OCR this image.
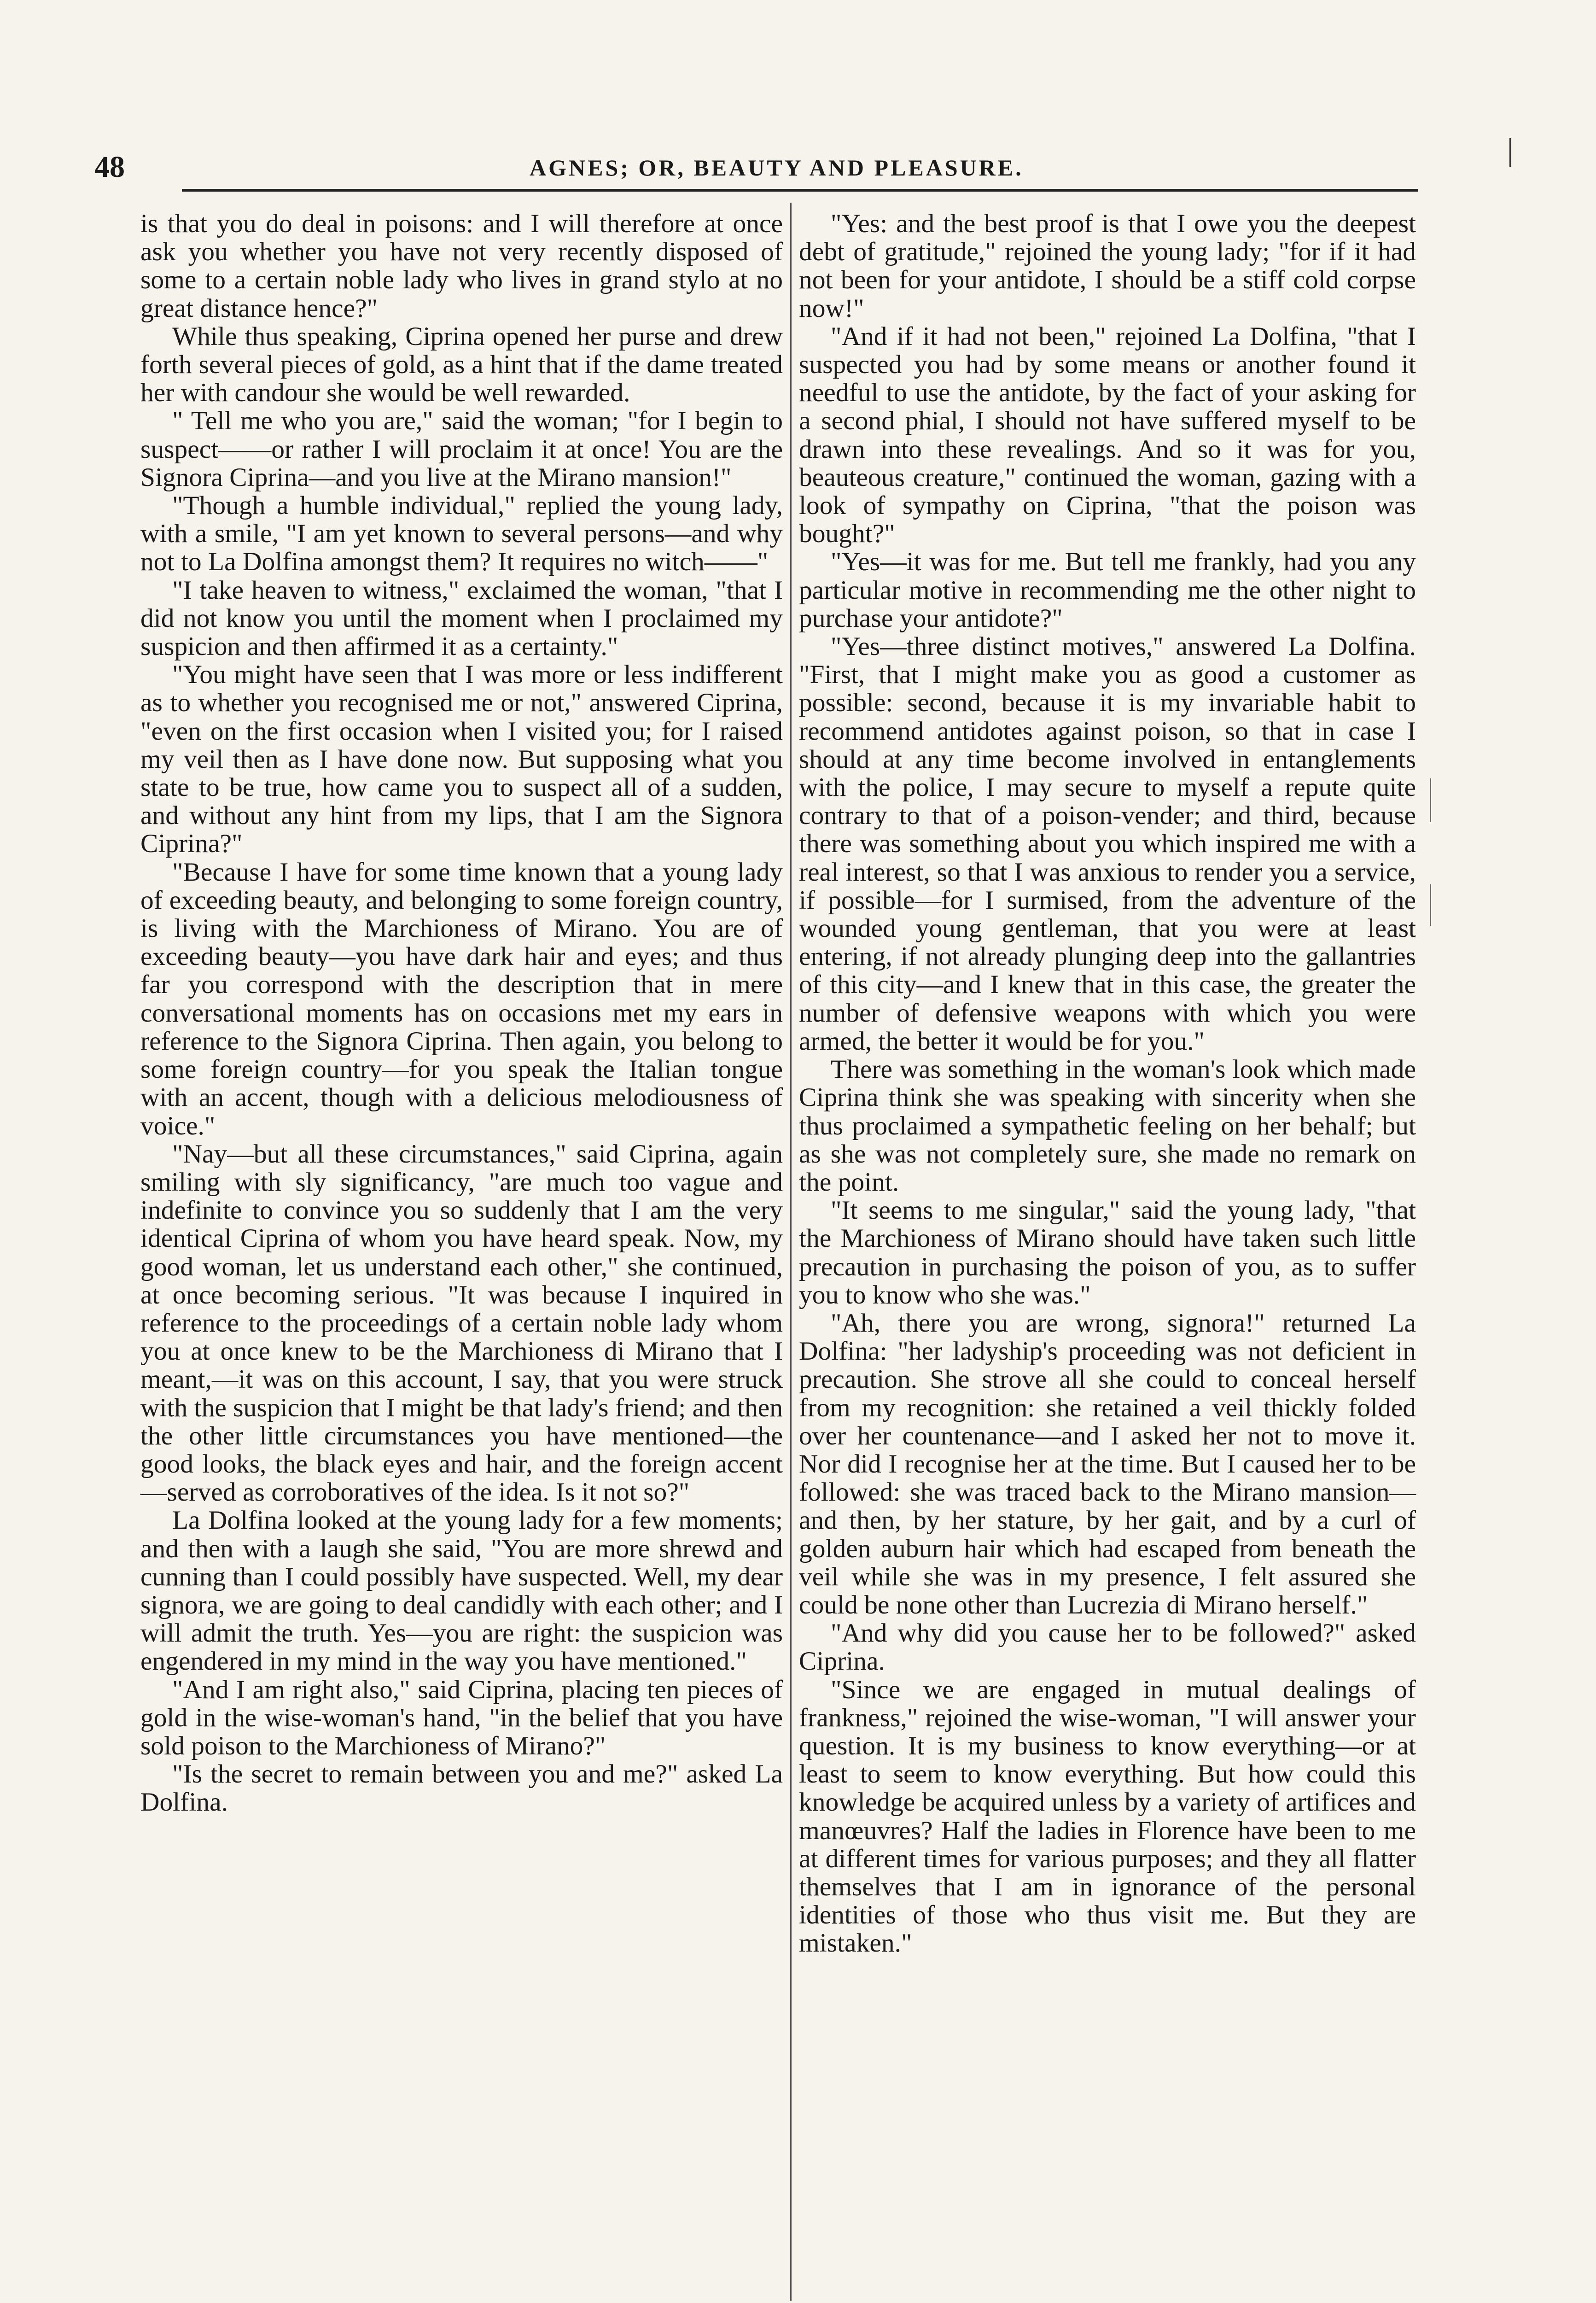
48	AGNES; OR, BEAUTY AND PLEASURE.

is that you do deal in poisons: and I will therefore at once ask you whether you have not very recently disposed of some to a certain noble lady who lives in grand stylo at no great distance hence?"

While thus speaking, Ciprina opened her purse and drew forth several pieces of gold, as a hint that if the dame treated her with candour she would be well rewarded.

" Tell me who you are," said the woman; "for I begin to suspect——or rather I will proclaim it at once! You are the Signora Ciprina—and you live at the Mirano mansion!"

"Though a humble individual," replied the young lady, with a smile, "I am yet known to several persons—and why not to La Dolfina amongst them? It requires no witch——"

"I take heaven to witness," exclaimed the woman, "that I did not know you until the moment when I proclaimed my suspicion and then affirmed it as a certainty."

"You might have seen that I was more or less indifferent as to whether you recognised me or not," answered Ciprina, "even on the first occasion when I visited you; for I raised my veil then as I have done now. But supposing what you state to be true, how came you to suspect all of a sudden, and without any hint from my lips, that I am the Signora Ciprina?"

"Because I have for some time known that a young lady of exceeding beauty, and belonging to some foreign country, is living with the Marchioness of Mirano. You are of exceeding beauty—you have dark hair and eyes; and thus far you correspond with the description that in mere conversational moments has on occasions met my ears in reference to the Signora Ciprina. Then again, you belong to some foreign country—for you speak the Italian tongue with an accent, though with a delicious melodiousness of voice."

"Nay—but all these circumstances," said Ciprina, again smiling with sly significancy, "are much too vague and indefinite to convince you so suddenly that I am the very identical Ciprina of whom you have heard speak. Now, my good woman, let us understand each other," she continued, at once becoming serious. "It was because I inquired in reference to the proceedings of a certain noble lady whom you at once knew to be the Marchioness di Mirano that I meant,—it was on this account, I say, that you were struck with the suspicion that I might be that lady's friend; and then the other little circumstances you have mentioned—the good looks, the black eyes and hair, and the foreign accent—served as corroboratives of the idea. Is it not so?"

La Dolfina looked at the young lady for a few moments; and then with a laugh she said, "You are more shrewd and cunning than I could possibly have suspected. Well, my dear signora, we are going to deal candidly with each other; and I will admit the truth. Yes—you are right: the suspicion was engendered in my mind in the way you have mentioned."

"And I am right also," said Ciprina, placing ten pieces of gold in the wise-woman's hand, "in the belief that you have sold poison to the Marchioness of Mirano?"

"Is the secret to remain between you and me?" asked La Dolfina.

"Yes: and the best proof is that I owe you the deepest debt of gratitude," rejoined the young lady; "for if it had not been for your antidote, I should be a stiff cold corpse now!"

"And if it had not been," rejoined La Dolfina, "that I suspected you had by some means or another found it needful to use the antidote, by the fact of your asking for a second phial, I should not have suffered myself to be drawn into these revealings. And so it was for you, beauteous creature," continued the woman, gazing with a look of sympathy on Ciprina, "that the poison was bought?"

"Yes—it was for me. But tell me frankly, had you any particular motive in recommending me the other night to purchase your antidote?"

"Yes—three distinct motives," answered La Dolfina. "First, that I might make you as good a customer as possible: second, because it is my invariable habit to recommend antidotes against poison, so that in case I should at any time become involved in entanglements with the police, I may secure to myself a repute quite contrary to that of a poison-vender; and third, because there was something about you which inspired me with a real interest, so that I was anxious to render you a service, if possible—for I surmised, from the adventure of the wounded young gentleman, that you were at least entering, if not already plunging deep into the gallantries of this city—and I knew that in this case, the greater the number of defensive weapons with which you were armed, the better it would be for you."

There was something in the woman's look which made Ciprina think she was speaking with sincerity when she thus proclaimed a sympathetic feeling on her behalf; but as she was not completely sure, she made no remark on the point.

"It seems to me singular," said the young lady, "that the Marchioness of Mirano should have taken such little precaution in purchasing the poison of you, as to suffer you to know who she was."

"Ah, there you are wrong, signora!" returned La Dolfina: "her ladyship's proceeding was not deficient in precaution. She strove all she could to conceal herself from my recognition: she retained a veil thickly folded over her countenance—and I asked her not to move it. Nor did I recognise her at the time. But I caused her to be followed: she was traced back to the Mirano mansion—and then, by her stature, by her gait, and by a curl of golden auburn hair which had escaped from beneath the veil while she was in my presence, I felt assured she could be none other than Lucrezia di Mirano herself."

"And why did you cause her to be followed?" asked Ciprina.

"Since we are engaged in mutual dealings of frankness," rejoined the wise-woman, "I will answer your question. It is my business to know everything—or at least to seem to know everything. But how could this knowledge be acquired unless by a variety of artifices and manœuvres? Half the ladies in Florence have been to me at different times for various purposes; and they all flatter themselves that I am in ignorance of the personal identities of those who thus visit me. But they are mistaken."
